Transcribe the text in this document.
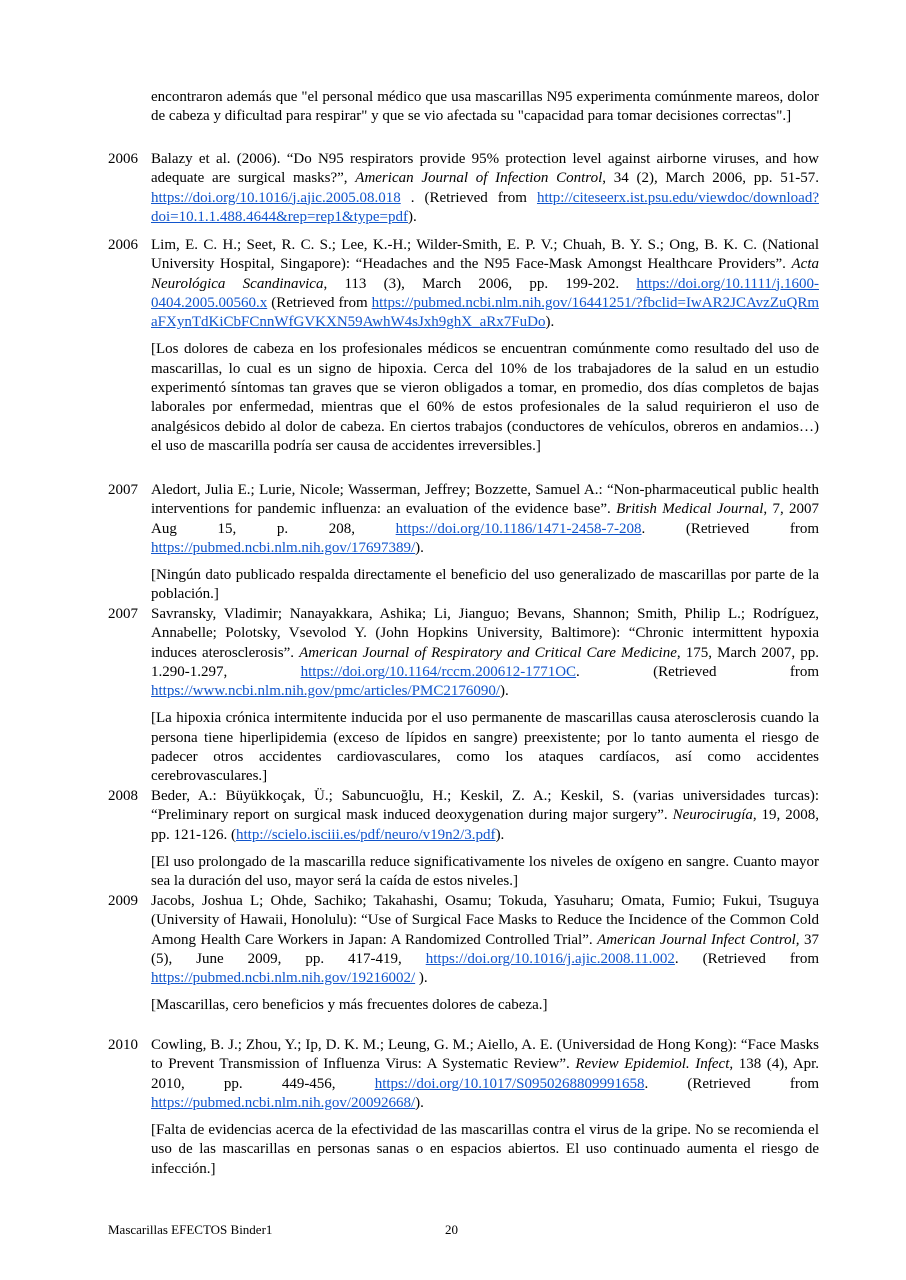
encontraron además que "el personal médico que usa mascarillas N95 experimenta comúnmente mareos, dolor de cabeza y dificultad para respirar" y que se vio afectada su "capacidad para tomar decisiones correctas".]

2006 Balazy et al. (2006). “Do N95 respirators provide 95% protection level against airborne viruses, and how adequate are surgical masks?”, American Journal of Infection Control, 34 (2), March 2006, pp. 51-57. https://doi.org/10.1016/j.ajic.2005.08.018 . (Retrieved from http://citeseerx.ist.psu.edu/viewdoc/download?doi=10.1.1.488.4644&rep=rep1&type=pdf).

2006 Lim, E. C. H.; Seet, R. C. S.; Lee, K.-H.; Wilder-Smith, E. P. V.; Chuah, B. Y. S.; Ong, B. K. C. (National University Hospital, Singapore): “Headaches and the N95 Face-Mask Amongst Healthcare Providers”. Acta Neurológica Scandinavica, 113 (3), March 2006, pp. 199-202. https://doi.org/10.1111/j.1600-0404.2005.00560.x (Retrieved from https://pubmed.ncbi.nlm.nih.gov/16441251/?fbclid=IwAR2JCAvzZuQRmaFXynTdKiCbFCnnWfGVKXN59AwhW4sJxh9ghX_aRx7FuDo).

[Los dolores de cabeza en los profesionales médicos se encuentran comúnmente como resultado del uso de mascarillas, lo cual es un signo de hipoxia. Cerca del 10% de los trabajadores de la salud en un estudio experimentó síntomas tan graves que se vieron obligados a tomar, en promedio, dos días completos de bajas laborales por enfermedad, mientras que el 60% de estos profesionales de la salud requirieron el uso de analgésicos debido al dolor de cabeza. En ciertos trabajos (conductores de vehículos, obreros en andamios…) el uso de mascarilla podría ser causa de accidentes irreversibles.]

2007 Aledort, Julia E.; Lurie, Nicole; Wasserman, Jeffrey; Bozzette, Samuel A.: “Non-pharmaceutical public health interventions for pandemic influenza: an evaluation of the evidence base”. British Medical Journal, 7, 2007 Aug 15, p. 208, https://doi.org/10.1186/1471-2458-7-208. (Retrieved from https://pubmed.ncbi.nlm.nih.gov/17697389/).

[Ningún dato publicado respalda directamente el beneficio del uso generalizado de mascarillas por parte de la población.]

2007 Savransky, Vladimir; Nanayakkara, Ashika; Li, Jianguo; Bevans, Shannon; Smith, Philip L.; Rodríguez, Annabelle; Polotsky, Vsevolod Y. (John Hopkins University, Baltimore): “Chronic intermittent hypoxia induces aterosclerosis”. American Journal of Respiratory and Critical Care Medicine, 175, March 2007, pp. 1.290-1.297, https://doi.org/10.1164/rccm.200612-1771OC. (Retrieved from https://www.ncbi.nlm.nih.gov/pmc/articles/PMC2176090/).

[La hipoxia crónica intermitente inducida por el uso permanente de mascarillas causa aterosclerosis cuando la persona tiene hiperlipidemia (exceso de lípidos en sangre) preexistente; por lo tanto aumenta el riesgo de padecer otros accidentes cardiovasculares, como los ataques cardíacos, así como accidentes cerebrovasculares.]

2008 Beder, A.: Büyükkoçak, Ü.; Sabuncuoğlu, H.; Keskil, Z. A.; Keskil, S. (varias universidades turcas): “Preliminary report on surgical mask induced deoxygenation during major surgery”. Neurocirugía, 19, 2008, pp. 121-126. (http://scielo.isciii.es/pdf/neuro/v19n2/3.pdf).

[El uso prolongado de la mascarilla reduce significativamente los niveles de oxígeno en sangre. Cuanto mayor sea la duración del uso, mayor será la caída de estos niveles.]

2009 Jacobs, Joshua L; Ohde, Sachiko; Takahashi, Osamu; Tokuda, Yasuharu; Omata, Fumio; Fukui, Tsuguya (University of Hawaii, Honolulu): “Use of Surgical Face Masks to Reduce the Incidence of the Common Cold Among Health Care Workers in Japan: A Randomized Controlled Trial”. American Journal Infect Control, 37 (5), June 2009, pp. 417-419, https://doi.org/10.1016/j.ajic.2008.11.002. (Retrieved from https://pubmed.ncbi.nlm.nih.gov/19216002/ ).

[Mascarillas, cero beneficios y más frecuentes dolores de cabeza.]

2010 Cowling, B. J.; Zhou, Y.; Ip, D. K. M.; Leung, G. M.; Aiello, A. E. (Universidad de Hong Kong): “Face Masks to Prevent Transmission of Influenza Virus: A Systematic Review”. Review Epidemiol. Infect, 138 (4), Apr. 2010, pp. 449-456, https://doi.org/10.1017/S0950268809991658. (Retrieved from https://pubmed.ncbi.nlm.nih.gov/20092668/).

[Falta de evidencias acerca de la efectividad de las mascarillas contra el virus de la gripe. No se recomienda el uso de las mascarillas en personas sanas o en espacios abiertos. El uso continuado aumenta el riesgo de infección.]

Mascarillas EFECTOS Binder1	20
